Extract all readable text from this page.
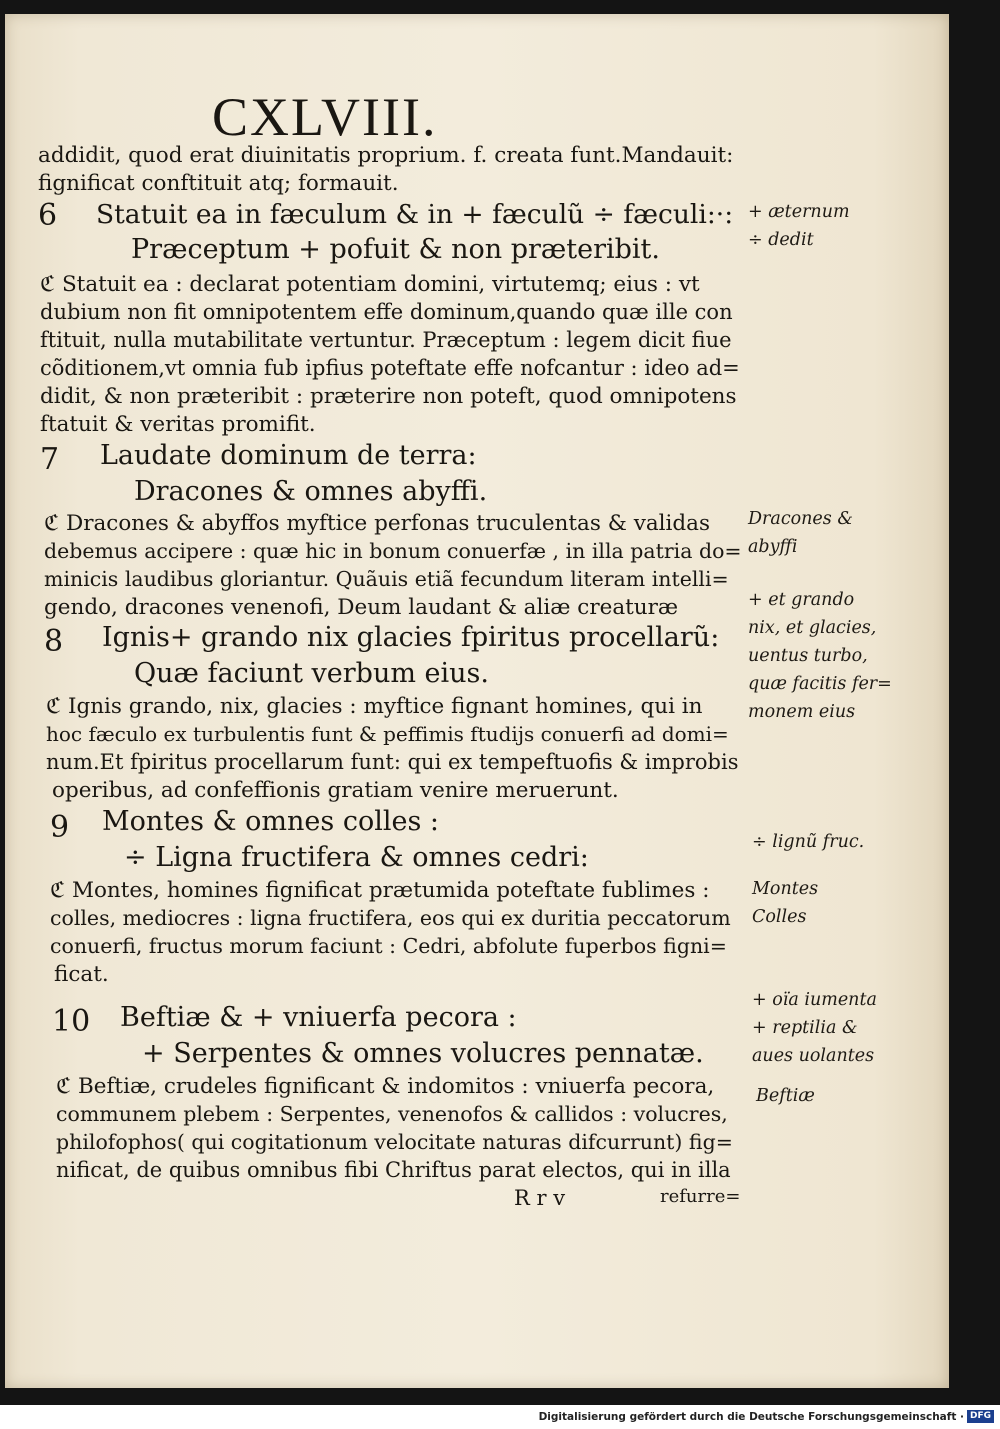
CXLVIII.
addidit, quod erat diuinitatis proprium. f. creata funt.Mandauit:
fignificat conftituit atq; formauit.
6 Statuit ea in fæculum & in + fæculũ ÷ fæculi:·:
Præceptum + pofuit & non præteribit.
ℭ Statuit ea : declarat potentiam domini, virtutemq; eius : vt
dubium non fit omnipotentem effe dominum,quando quæ ille con
ftituit, nulla mutabilitate vertuntur. Præceptum : legem dicit fiue
cõditionem,vt omnia fub ipfius poteftate effe nofcantur : ideo ad=
didit, & non præteribit : præterire non poteft, quod omnipotens
ftatuit & veritas promifit.
7 Laudate dominum de terra:
Dracones & omnes abyffi.
ℭ Dracones & abyffos myftice perfonas truculentas & validas
debemus accipere : quæ hic in bonum conuerfæ , in illa patria do=
minicis laudibus gloriantur. Quãuis etiã fecundum literam intelli=
gendo, dracones venenofi, Deum laudant & aliæ creaturæ
8 Ignis+ grando nix glacies fpiritus procellarũ:
Quæ faciunt verbum eius.
ℭ Ignis grando, nix, glacies : myftice fignant homines, qui in
hoc fæculo ex turbulentis funt & peffimis ftudijs conuerfi ad domi=
num.Et fpiritus procellarum funt: qui ex tempeftuofis & improbis
operibus, ad confeffionis gratiam venire meruerunt.
9 Montes & omnes colles :
÷ Ligna fructifera & omnes cedri:
ℭ Montes, homines fignificat prætumida poteftate fublimes :
colles, mediocres : ligna fructifera, eos qui ex duritia peccatorum
conuerfi, fructus morum faciunt : Cedri, abfolute fuperbos figni=
ficat.
10 Beftiæ & + vniuerfa pecora :
+ Serpentes & omnes volucres pennatæ.
ℭ Beftiæ, crudeles fignificant & indomitos : vniuerfa pecora,
communem plebem : Serpentes, venenofos & callidos : volucres,
philofophos( qui cogitationum velocitate naturas difcurrunt) fig=
nificat, de quibus omnibus fibi Chriftus parat electos, qui in illa
R r v	refurre=
+ æternum
÷ dedit
Dracones &
abyffi
+ et grando
nix, et glacies,
uentus turbo,
quæ facitis fer=
monem eius
÷ lignũ fruc.
Montes
Colles
+ oïa iumenta
+ reptilia &
aues uolantes
Beftiæ
Digitalisierung gefördert durch die Deutsche Forschungsgemeinschaft · DFG
